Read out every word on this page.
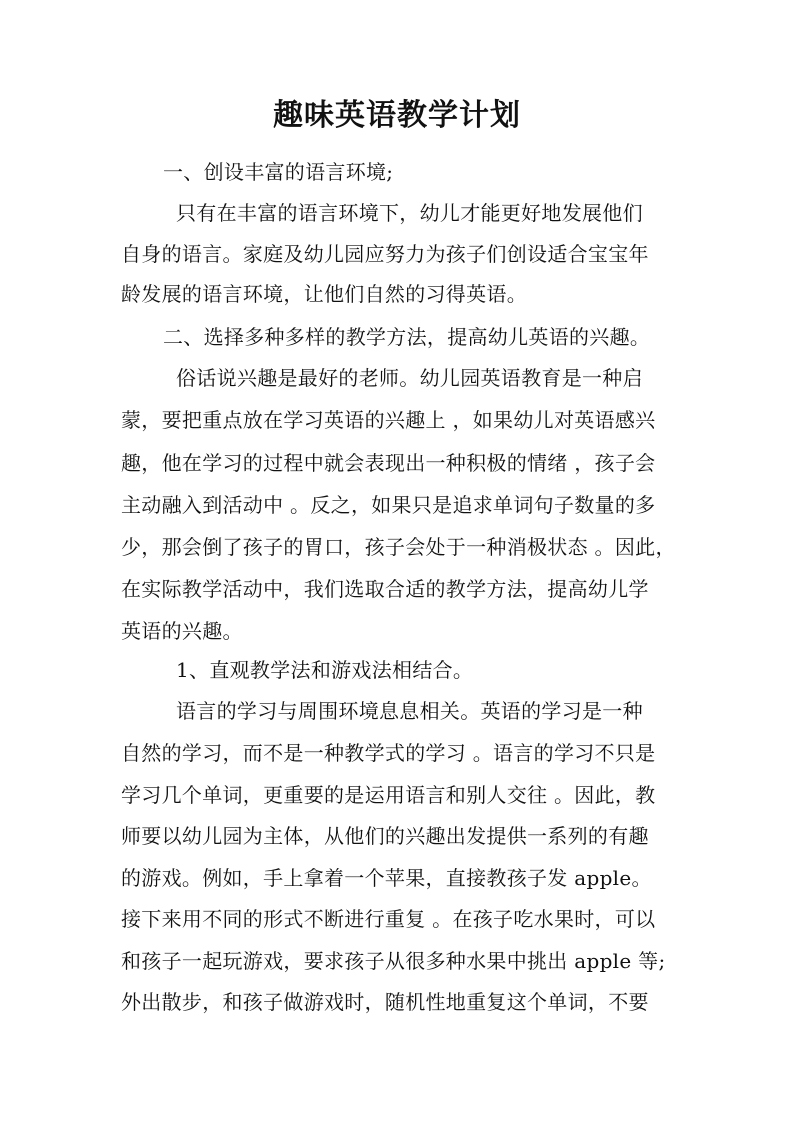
趣味英语教学计划
一、创设丰富的语言环境;
只有在丰富的语言环境下，幼儿才能更好地发展他们
自身的语言。家庭及幼儿园应努力为孩子们创设适合宝宝年
龄发展的语言环境，让他们自然的习得英语。
二、选择多种多样的教学方法，提高幼儿英语的兴趣。
俗话说兴趣是最好的老师。幼儿园英语教育是一种启
蒙，要把重点放在学习英语的兴趣上 ，如果幼儿对英语感兴
趣，他在学习的过程中就会表现出一种积极的情绪 ，孩子会
主动融入到活动中 。反之，如果只是追求单词句子数量的多
少，那会倒了孩子的胃口，孩子会处于一种消极状态 。因此，
在实际教学活动中，我们选取合适的教学方法，提高幼儿学
英语的兴趣。
1、直观教学法和游戏法相结合。
语言的学习与周围环境息息相关。英语的学习是一种
自然的学习，而不是一种教学式的学习 。语言的学习不只是
学习几个单词，更重要的是运用语言和别人交往 。因此，教
师要以幼儿园为主体，从他们的兴趣出发提供一系列的有趣
的游戏。例如，手上拿着一个苹果，直接教孩子发 apple。
接下来用不同的形式不断进行重复 。在孩子吃水果时，可以
和孩子一起玩游戏，要求孩子从很多种水果中挑出 apple 等;
外出散步，和孩子做游戏时，随机性地重复这个单词，不要
